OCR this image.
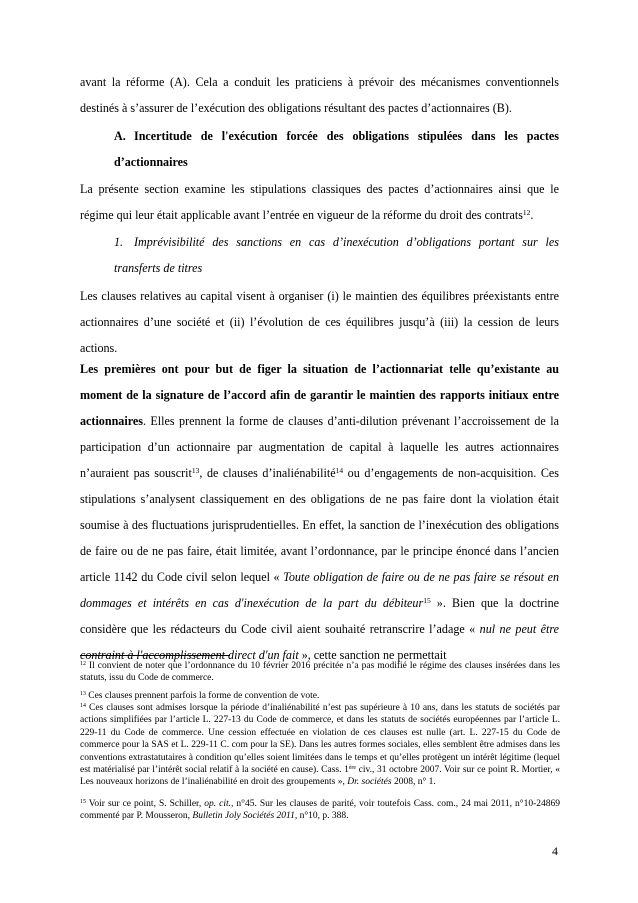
avant la réforme (A). Cela a conduit les praticiens à prévoir des mécanismes conventionnels destinés à s’assurer de l’exécution des obligations résultant des pactes d’actionnaires (B).
A. Incertitude de l'exécution forcée des obligations stipulées dans les pactes d’actionnaires
La présente section examine les stipulations classiques des pactes d’actionnaires ainsi que le régime qui leur était applicable avant l’entrée en vigueur de la réforme du droit des contrats$^{12}$.
1. Imprévisibilité des sanctions en cas d’inexécution d’obligations portant sur les transferts de titres
Les clauses relatives au capital visent à organiser (i) le maintien des équilibres préexistants entre actionnaires d’une société et (ii) l’évolution de ces équilibres jusqu’à (iii) la cession de leurs actions.
Les premières ont pour but de figer la situation de l’actionnariat telle qu’existante au moment de la signature de l’accord afin de garantir le maintien des rapports initiaux entre actionnaires. Elles prennent la forme de clauses d’anti-dilution prévenant l’accroissement de la participation d’un actionnaire par augmentation de capital à laquelle les autres actionnaires n’auraient pas souscrit$^{13}$, de clauses d’inaliénabilité$^{14}$ ou d’engagements de non-acquisition. Ces stipulations s’analysent classiquement en des obligations de ne pas faire dont la violation était soumise à des fluctuations jurisprudentielles. En effet, la sanction de l’inexécution des obligations de faire ou de ne pas faire, était limitée, avant l’ordonnance, par le principe énoncé dans l’ancien article 1142 du Code civil selon lequel « Toute obligation de faire ou de ne pas faire se résout en dommages et intérêts en cas d'inexécution de la part du débiteur$^{15}$ ». Bien que la doctrine considère que les rédacteurs du Code civil aient souhaité retranscrire l’adage « nul ne peut être contraint à l'accomplissement direct d'un fait », cette sanction ne permettait
$^{12}$ Il convient de noter que l’ordonnance du 10 février 2016 précitée n’a pas modifié le régime des clauses insérées dans les statuts, issu du Code de commerce.
$^{13}$ Ces clauses prennent parfois la forme de convention de vote.
$^{14}$ Ces clauses sont admises lorsque la période d’inaliénabilité n’est pas supérieure à 10 ans, dans les statuts de sociétés par actions simplifiées par l’article L. 227-13 du Code de commerce, et dans les statuts de sociétés européennes par l’article L. 229-11 du Code de commerce. Une cession effectuée en violation de ces clauses est nulle (art. L. 227-15 du Code de commerce pour la SAS et L. 229-11 C. com pour la SE). Dans les autres formes sociales, elles semblent être admises dans les conventions extrastatutaires à condition qu’elles soient limitées dans le temps et qu’elles protègent un intérêt légitime (lequel est matérialisé par l’intérêt social relatif à la société en cause). Cass. 1ère civ., 31 octobre 2007. Voir sur ce point R. Mortier, « Les nouveaux horizons de l’inaliénabilité en droit des groupements », Dr. sociétés 2008, n° 1.
$^{15}$ Voir sur ce point, S. Schiller, op. cit., n°45. Sur les clauses de parité, voir toutefois Cass. com., 24 mai 2011, n°10-24869 commenté par P. Mousseron, Bulletin Joly Sociétés 2011, n°10, p. 388.
4
